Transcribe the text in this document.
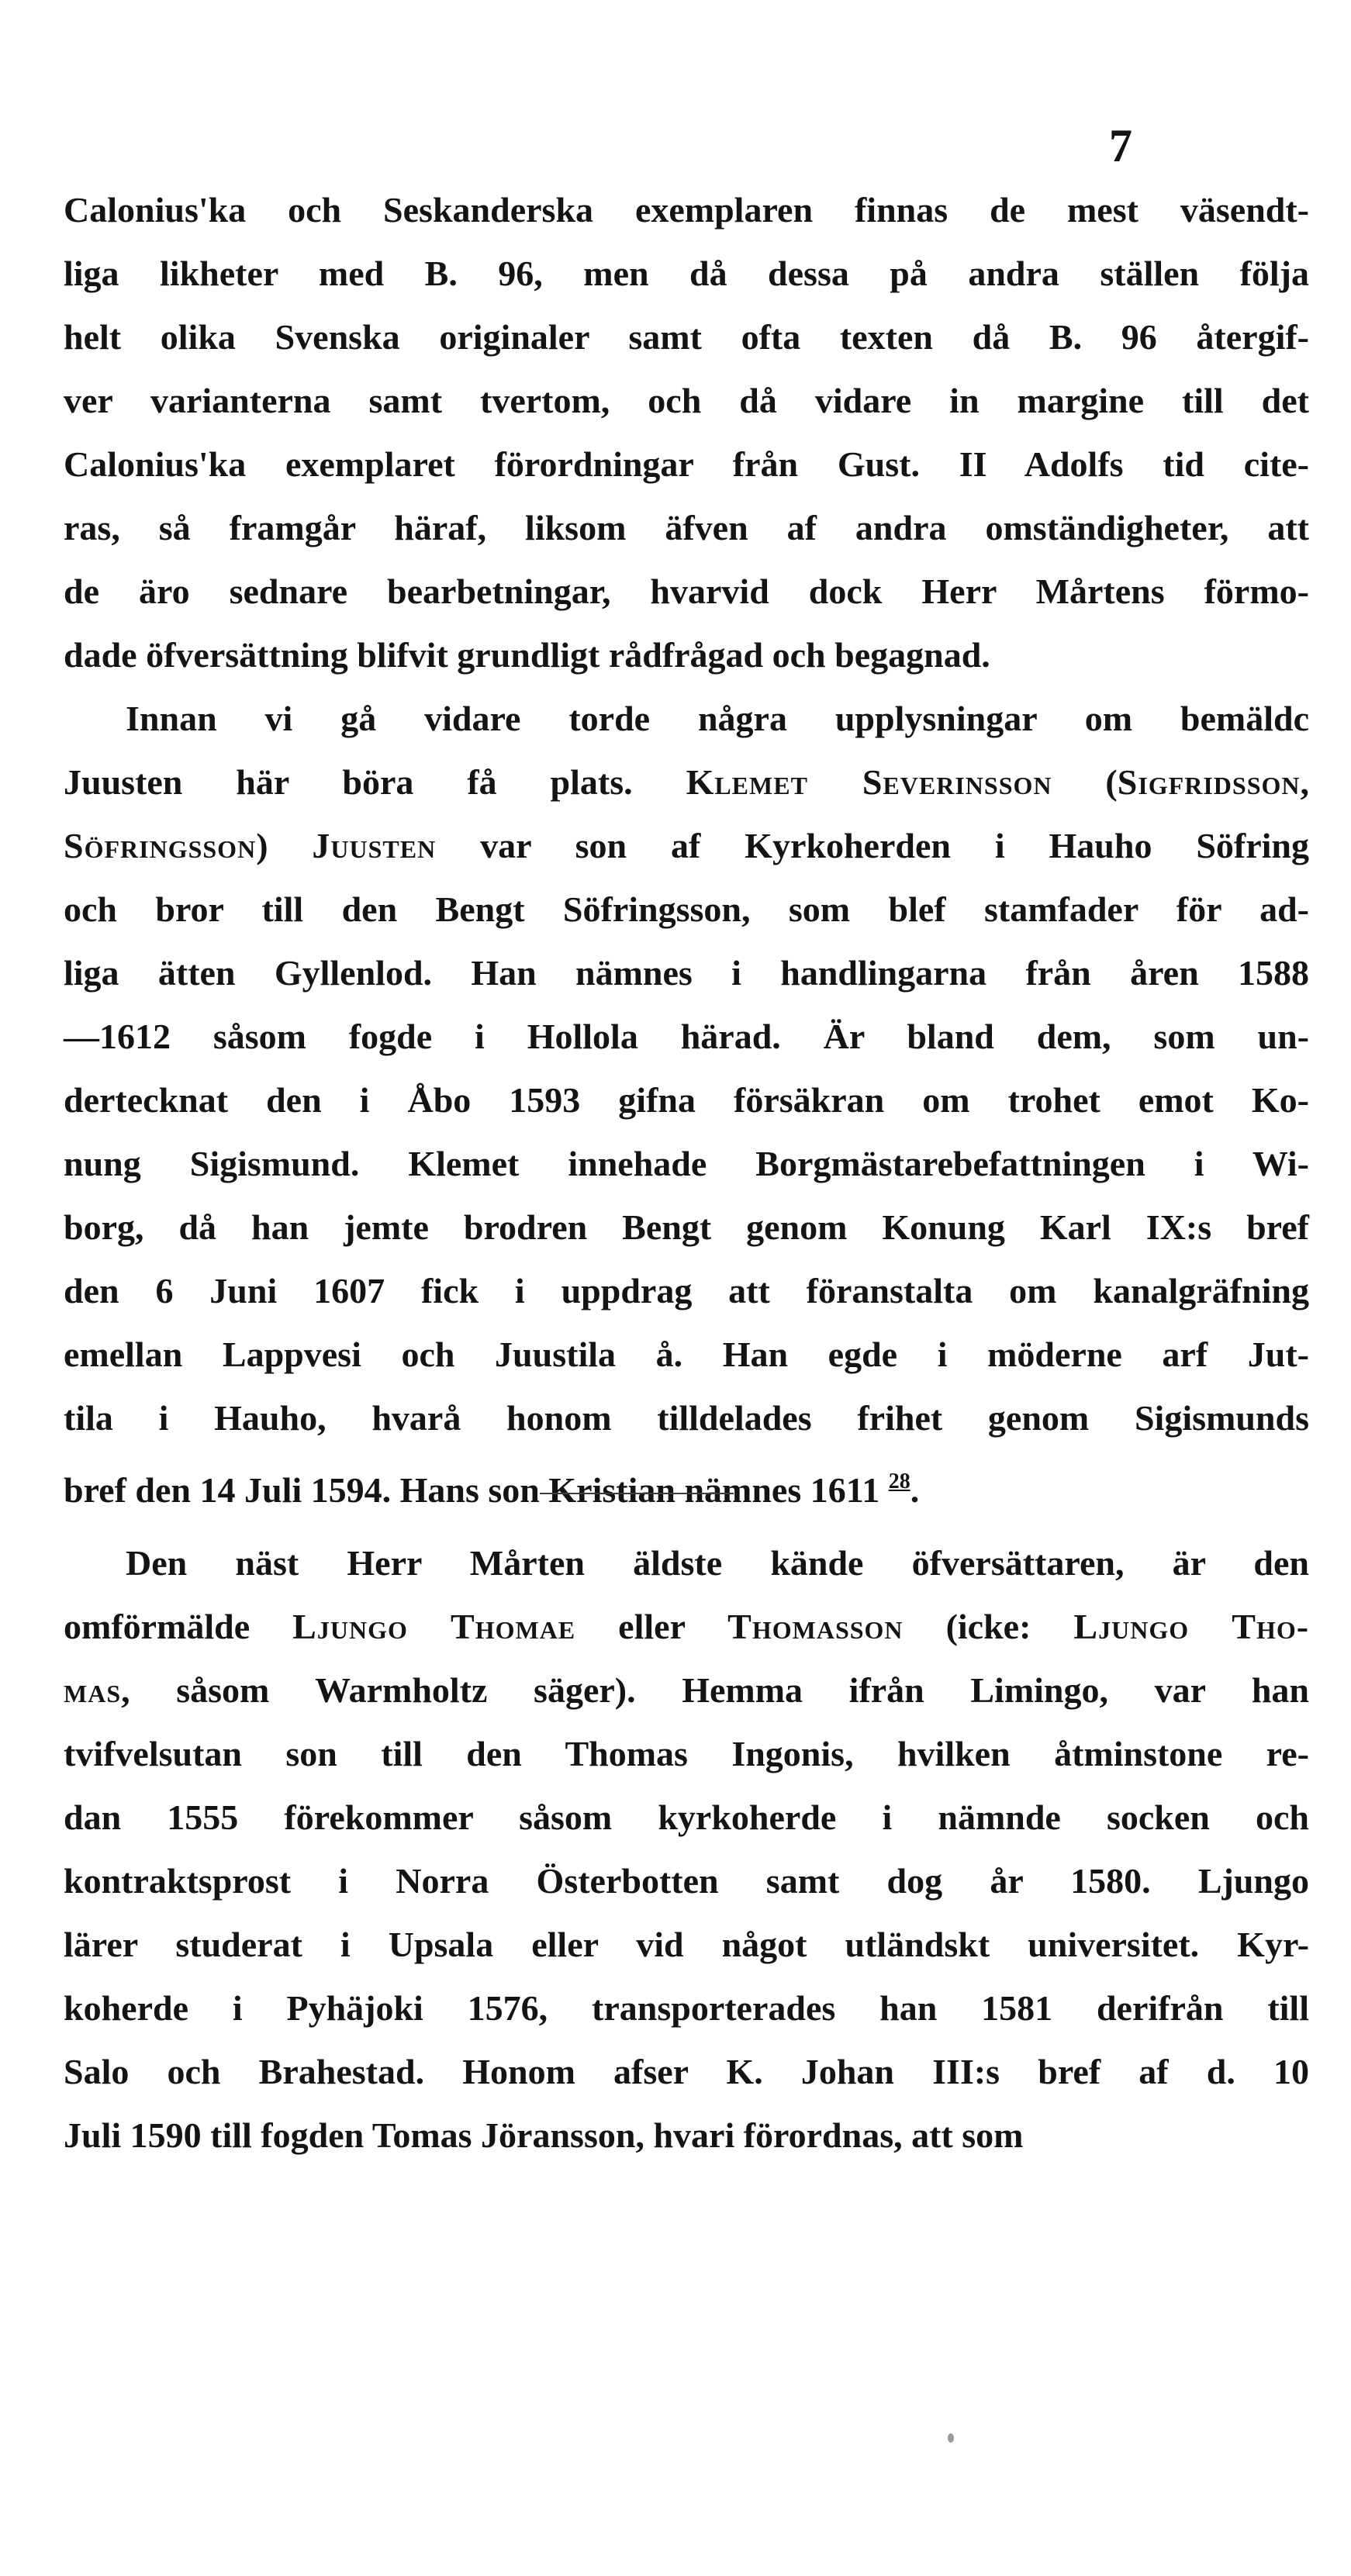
7
Calonius'ka och Seskanderska exemplaren finnas de mest väsendt-
liga likheter med B. 96, men då dessa på andra ställen följa
helt olika Svenska originaler samt ofta texten då B. 96 återgif-
ver varianterna samt tvertom, och då vidare in margine till det
Calonius'ka exemplaret förordningar från Gust. II Adolfs tid cite-
ras, så framgår häraf, liksom äfven af andra omständigheter, att
de äro sednare bearbetningar, hvarvid dock Herr Mårtens förmo-
dade öfversättning blifvit grundligt rådfrågad och begagnad.
Innan vi gå vidare torde några upplysningar om bemäldc
Juusten här böra få plats. Klemet Severinsson (Sigfridsson,
Söfringsson) Juusten var son af Kyrkoherden i Hauho Söfring
och bror till den Bengt Söfringsson, som blef stamfader för ad-
liga ätten Gyllenlod. Han nämnes i handlingarna från åren 1588
—1612 såsom fogde i Hollola härad. Är bland dem, som un-
dertecknat den i Åbo 1593 gifna försäkran om trohet emot Ko-
nung Sigismund. Klemet innehade Borgmästarebefattningen i Wi-
borg, då han jemte brodren Bengt genom Konung Karl IX:s bref
den 6 Juni 1607 fick i uppdrag att föranstalta om kanalgräfning
emellan Lappvesi och Juustila å. Han egde i möderne arf Jut-
tila i Hauho, hvarå honom tilldelades frihet genom Sigismunds
bref den 14 Juli 1594. Hans son Kristian nämnes 1611 $^{28}$.
Den näst Herr Mårten äldste kände öfversättaren, är den
omförmälde Ljungo Thomae eller Thomasson (icke: Ljungo Tho-
mas, såsom Warmholtz säger). Hemma ifrån Limingo, var han
tvifvelsutan son till den Thomas Ingonis, hvilken åtminstone re-
dan 1555 förekommer såsom kyrkoherde i nämnde socken och
kontraktsprost i Norra Österbotten samt dog år 1580. Ljungo
lärer studerat i Upsala eller vid något utländskt universitet. Kyr-
koherde i Pyhäjoki 1576, transporterades han 1581 derifrån till
Salo och Brahestad. Honom afser K. Johan III:s bref af d. 10
Juli 1590 till fogden Tomas Jöransson, hvari förordnas, att som
